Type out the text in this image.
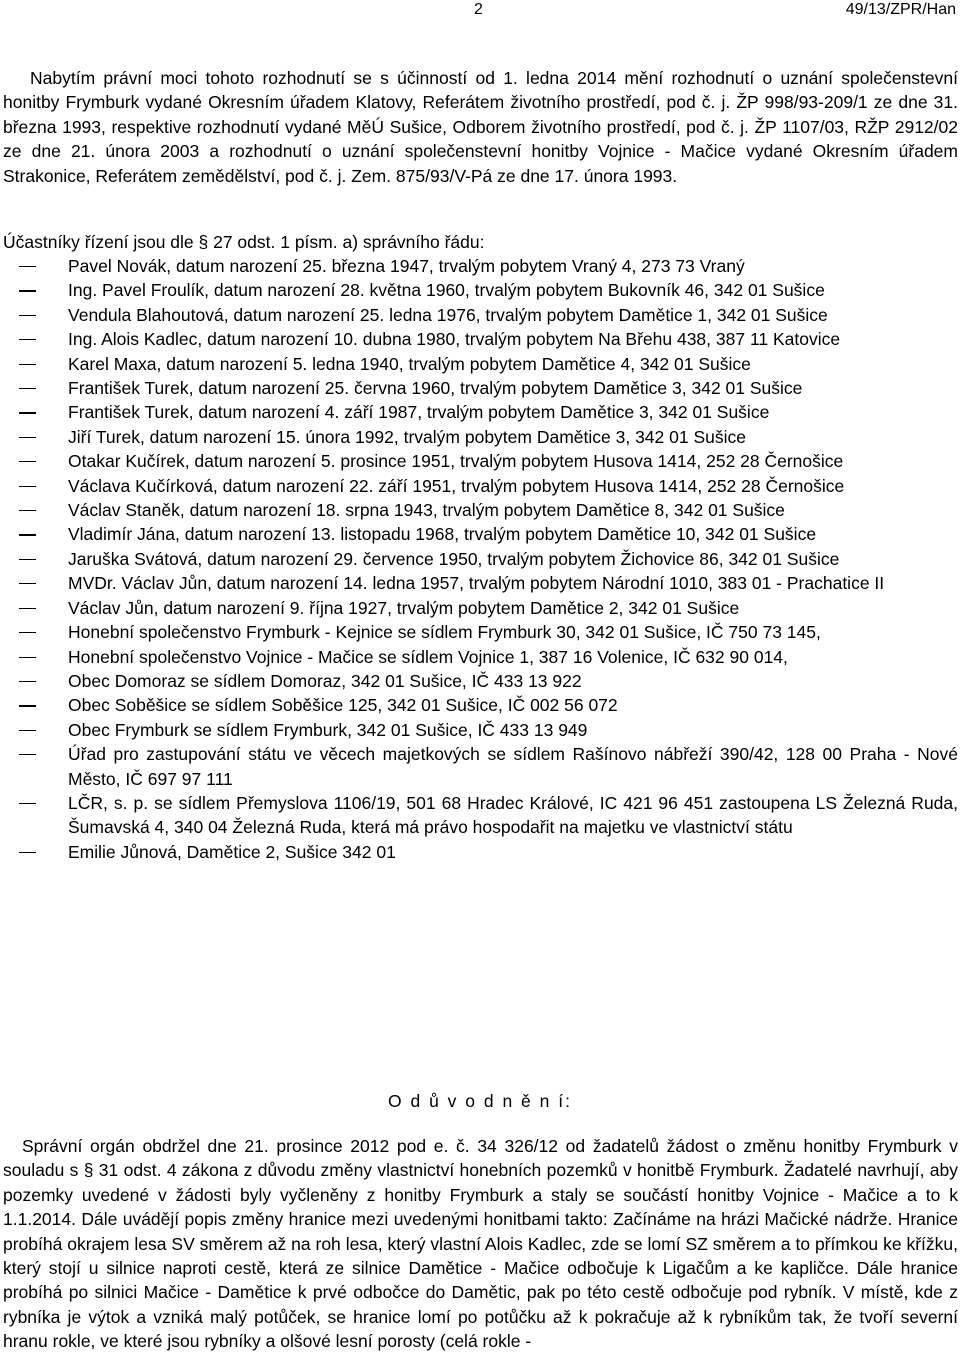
2	49/13/ZPR/Han

Nabytím právní moci tohoto rozhodnutí se s účinností od 1. ledna 2014 mění rozhodnutí o uznání společenstevní honitby Frymburk vydané Okresním úřadem Klatovy, Referátem životního prostředí, pod č. j. ŽP 998/93-209/1 ze dne 31. března 1993, respektive rozhodnutí vydané MěÚ Sušice, Odborem životního prostředí, pod č. j. ŽP 1107/03, RŽP 2912/02 ze dne 21. února 2003 a rozhodnutí o uznání společenstevní honitby Vojnice - Mačice vydané Okresním úřadem Strakonice, Referátem zemědělství, pod č. j. Zem. 875/93/V-Pá ze dne 17. února 1993.

Účastníky řízení jsou dle § 27 odst. 1 písm. a) správního řádu:

Pavel Novák, datum narození 25. března 1947, trvalým pobytem Vraný 4, 273 73 Vraný
Ing. Pavel Froulík, datum narození 28. května 1960, trvalým pobytem Bukovník 46, 342 01 Sušice
Vendula Blahoutová, datum narození 25. ledna 1976, trvalým pobytem Damětice 1, 342 01 Sušice
Ing. Alois Kadlec, datum narození 10. dubna 1980, trvalým pobytem Na Břehu 438, 387 11 Katovice
Karel Maxa, datum narození 5. ledna 1940, trvalým pobytem Damětice 4, 342 01 Sušice
František Turek, datum narození 25. června 1960, trvalým pobytem Damětice 3, 342 01 Sušice
František Turek, datum narození 4. září 1987, trvalým pobytem Damětice 3, 342 01 Sušice
Jiří Turek, datum narození 15. února 1992, trvalým pobytem Damětice 3, 342 01 Sušice
Otakar Kučírek, datum narození 5. prosince 1951, trvalým pobytem Husova 1414, 252 28 Černošice
Václava Kučírková, datum narození 22. září 1951, trvalým pobytem Husova 1414, 252 28 Černošice
Václav Staněk, datum narození 18. srpna 1943, trvalým pobytem Damětice 8, 342 01 Sušice
Vladimír Jána, datum narození 13. listopadu 1968, trvalým pobytem Damětice 10, 342 01 Sušice
Jaruška Svátová, datum narození 29. července 1950, trvalým pobytem Žichovice 86, 342 01 Sušice
MVDr. Václav Jůn, datum narození 14. ledna 1957, trvalým pobytem Národní 1010, 383 01 - Prachatice II
Václav Jůn, datum narození 9. října 1927, trvalým pobytem Damětice 2, 342 01 Sušice
Honební společenstvo Frymburk - Kejnice se sídlem Frymburk 30, 342 01 Sušice, IČ 750 73 145,
Honební společenstvo Vojnice - Mačice se sídlem Vojnice 1, 387 16 Volenice, IČ 632 90 014,
Obec Domoraz se sídlem Domoraz, 342 01 Sušice, IČ 433 13 922
Obec Soběšice se sídlem Soběšice 125, 342 01 Sušice, IČ 002 56 072
Obec Frymburk se sídlem Frymburk, 342 01 Sušice, IČ 433 13 949
Úřad pro zastupování státu ve věcech majetkových se sídlem Rašínovo nábřeží 390/42, 128 00 Praha - Nové Město, IČ 697 97 111
LČR, s. p. se sídlem Přemyslova 1106/19, 501 68 Hradec Králové, IC 421 96 451 zastoupena LS Železná Ruda, Šumavská 4, 340 04 Železná Ruda, která má právo hospodařit na majetku ve vlastnictví státu
Emilie Jůnová, Damětice 2, Sušice 342 01
O d ů v o d n ě n í:

Správní orgán obdržel dne 21. prosince 2012 pod e. č. 34 326/12 od žadatelů žádost o změnu honitby Frymburk v souladu s § 31 odst. 4 zákona z důvodu změny vlastnictví honebních pozemků v honitbě Frymburk. Žadatelé navrhují, aby pozemky uvedené v žádosti byly vyčleněny z honitby Frymburk a staly se součástí honitby Vojnice - Mačice a to k 1.1.2014. Dále uvádějí popis změny hranice mezi uvedenými honitbami takto: Začínáme na hrázi Mačické nádrže. Hranice probíhá okrajem lesa SV směrem až na roh lesa, který vlastní Alois Kadlec, zde se lomí SZ směrem a to přímkou ke křížku, který stojí u silnice naproti cestě, která ze silnice Damětice - Mačice odbočuje k Ligačům a ke kapličce. Dále hranice probíhá po silnici Mačice - Damětice k prvé odbočce do Damětic, pak po této cestě odbočuje pod rybník. V místě, kde z rybníka je výtok a vzniká malý potůček, se hranice lomí po potůčku až k pokračuje až k rybníkům tak, že tvoří severní hranu rokle, ve které jsou rybníky a olšové lesní porosty (celá rokle -
